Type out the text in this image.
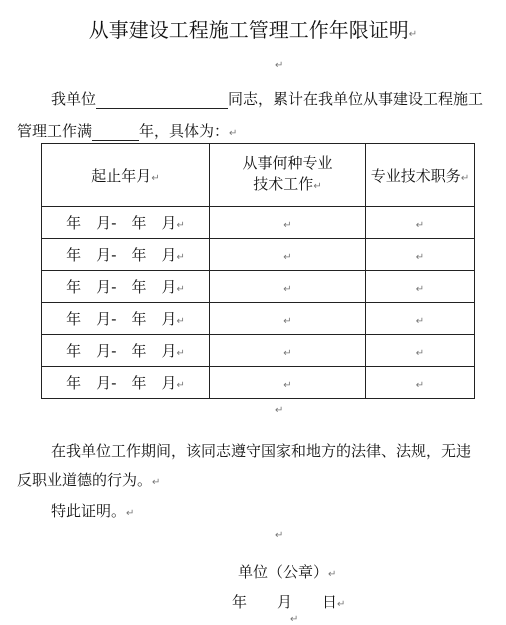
从事建设工程施工管理工作年限证明↵
↵
我单位	同志，累计在我单位从事建设工程施工
管理工作满	年，具体为：↵
起止年月↵	从事何种专业
技术工作↵	专业技术职务↵
年　月-　年　月↵	↵	↵
年　月-　年　月↵	↵	↵
年　月-　年　月↵	↵	↵
年　月-　年　月↵	↵	↵
年　月-　年　月↵	↵	↵
年　月-　年　月↵	↵	↵
在我单位工作期间，该同志遵守国家和地方的法律、法规，无违
反职业道德的行为。↵
特此证明。↵
↵
↵
单位（公章）↵
年　　月　　日↵
↵
